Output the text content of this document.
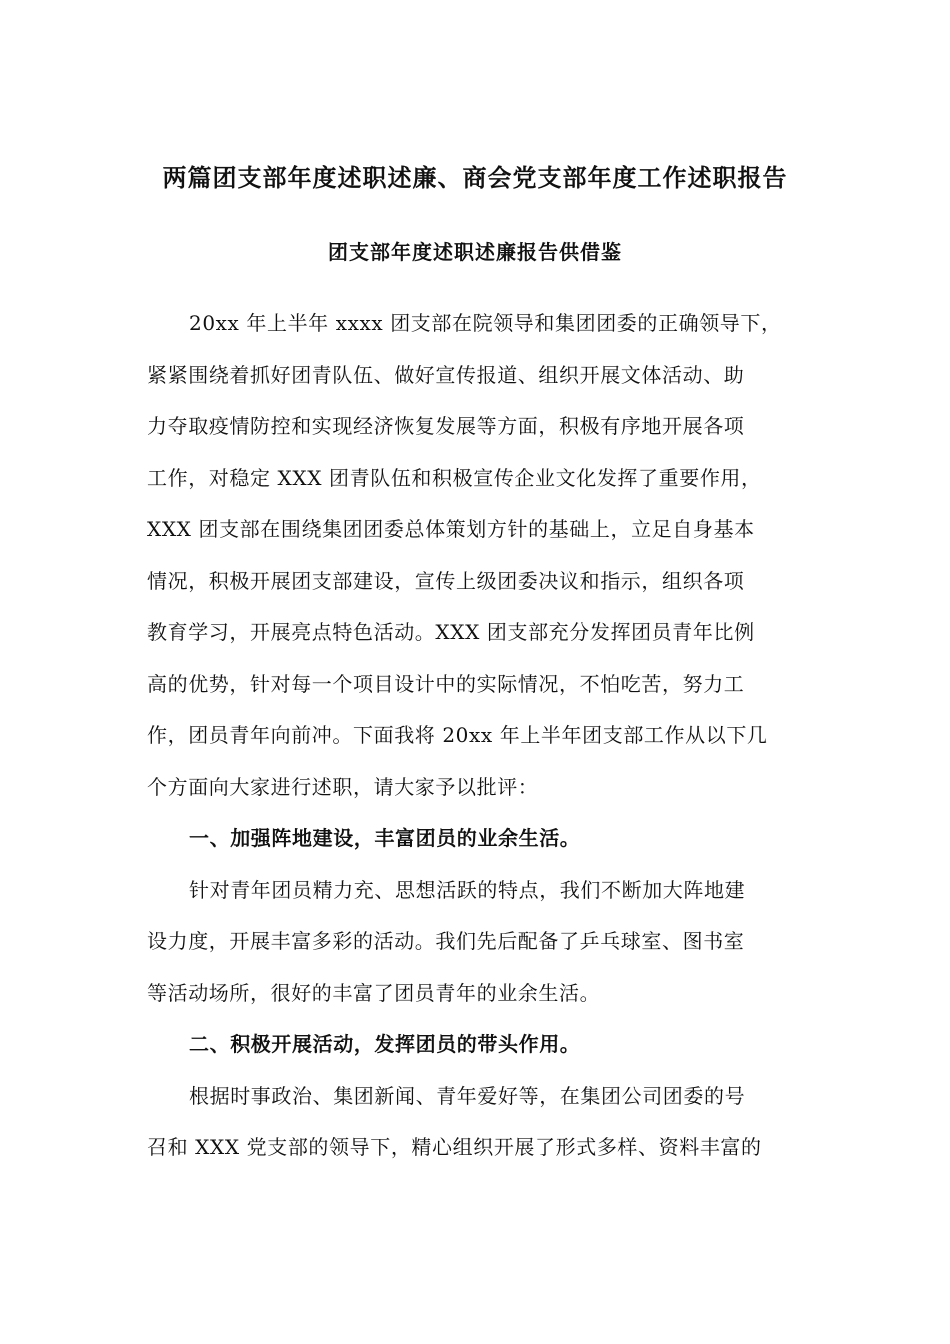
两篇团支部年度述职述廉、商会党支部年度工作述职报告
团支部年度述职述廉报告供借鉴
20xx 年上半年 xxxx 团支部在院领导和集团团委的正确领导下，
紧紧围绕着抓好团青队伍、做好宣传报道、组织开展文体活动、助
力夺取疫情防控和实现经济恢复发展等方面，积极有序地开展各项
工作，对稳定 XXX 团青队伍和积极宣传企业文化发挥了重要作用，
XXX 团支部在围绕集团团委总体策划方针的基础上，立足自身基本
情况，积极开展团支部建设，宣传上级团委决议和指示，组织各项
教育学习，开展亮点特色活动。XXX 团支部充分发挥团员青年比例
高的优势，针对每一个项目设计中的实际情况，不怕吃苦，努力工
作，团员青年向前冲。下面我将 20xx 年上半年团支部工作从以下几
个方面向大家进行述职，请大家予以批评：
一、加强阵地建设，丰富团员的业余生活。
针对青年团员精力充、思想活跃的特点，我们不断加大阵地建
设力度，开展丰富多彩的活动。我们先后配备了乒乓球室、图书室
等活动场所，很好的丰富了团员青年的业余生活。
二、积极开展活动，发挥团员的带头作用。
根据时事政治、集团新闻、青年爱好等，在集团公司团委的号
召和 XXX 党支部的领导下，精心组织开展了形式多样、资料丰富的
